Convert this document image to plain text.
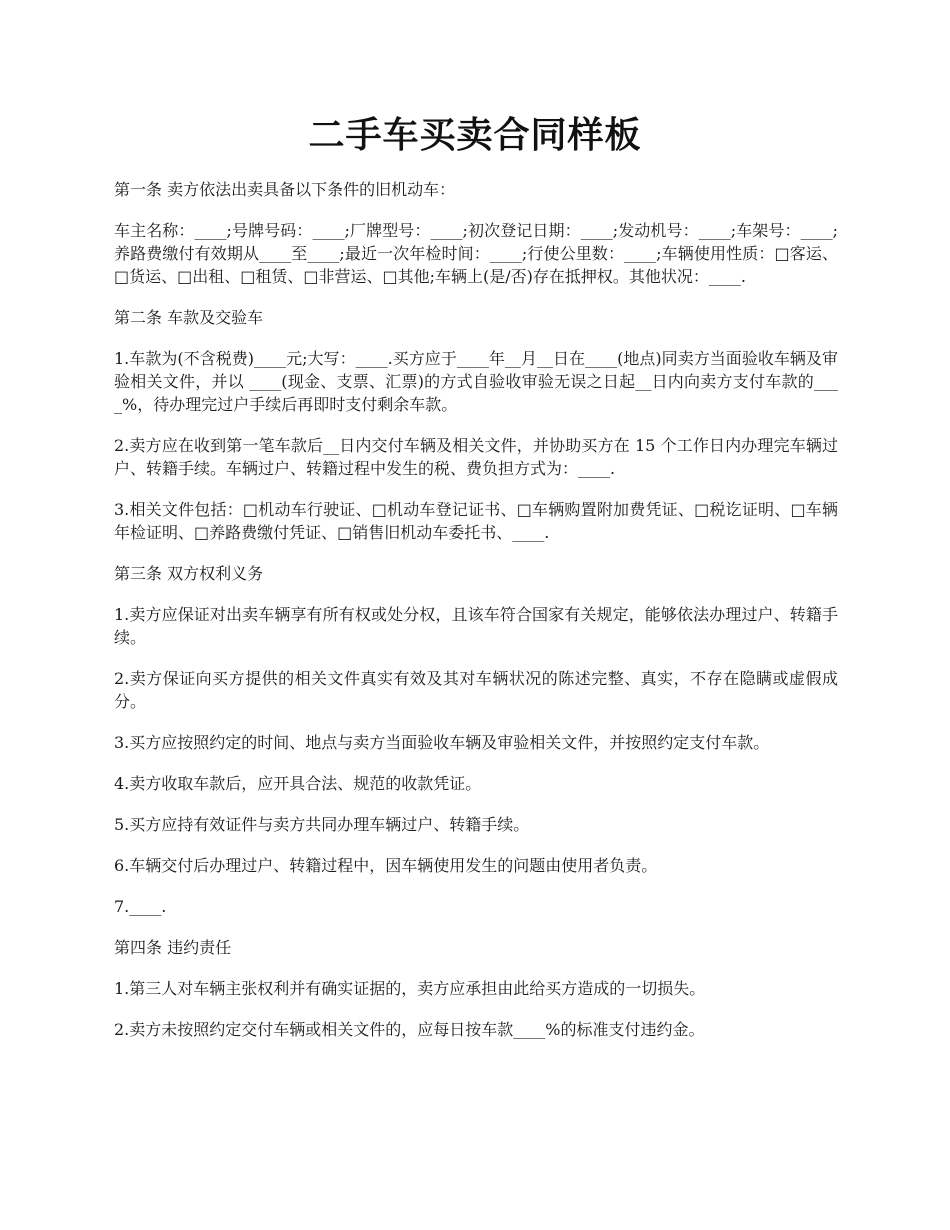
二手车买卖合同样板

第一条 卖方依法出卖具备以下条件的旧机动车：

车主名称：____;号牌号码：____;厂牌型号：____;初次登记日期：____;发动机号：____;车架号：____;养路费缴付有效期从____至____;最近一次年检时间：____;行使公里数：____;车辆使用性质：□客运、□货运、□出租、□租赁、□非营运、□其他;车辆上(是/否)存在抵押权。其他状况：____.

第二条 车款及交验车

1.车款为(不含税费)____元;大写：____.买方应于____年__月__日在____(地点)同卖方当面验收车辆及审验相关文件，并以 ____(现金、支票、汇票)的方式自验收审验无误之日起__日内向卖方支付车款的____%，待办理完过户手续后再即时支付剩余车款。

2.卖方应在收到第一笔车款后__日内交付车辆及相关文件，并协助买方在 15 个工作日内办理完车辆过户、转籍手续。车辆过户、转籍过程中发生的税、费负担方式为：____.

3.相关文件包括：□机动车行驶证、□机动车登记证书、□车辆购置附加费凭证、□税讫证明、□车辆年检证明、□养路费缴付凭证、□销售旧机动车委托书、____.

第三条 双方权利义务

1.卖方应保证对出卖车辆享有所有权或处分权，且该车符合国家有关规定，能够依法办理过户、转籍手续。

2.卖方保证向买方提供的相关文件真实有效及其对车辆状况的陈述完整、真实，不存在隐瞒或虚假成分。

3.买方应按照约定的时间、地点与卖方当面验收车辆及审验相关文件，并按照约定支付车款。

4.卖方收取车款后，应开具合法、规范的收款凭证。

5.买方应持有效证件与卖方共同办理车辆过户、转籍手续。

6.车辆交付后办理过户、转籍过程中，因车辆使用发生的问题由使用者负责。

7.____.

第四条 违约责任

1.第三人对车辆主张权利并有确实证据的，卖方应承担由此给买方造成的一切损失。

2.卖方未按照约定交付车辆或相关文件的，应每日按车款____%的标准支付违约金。
